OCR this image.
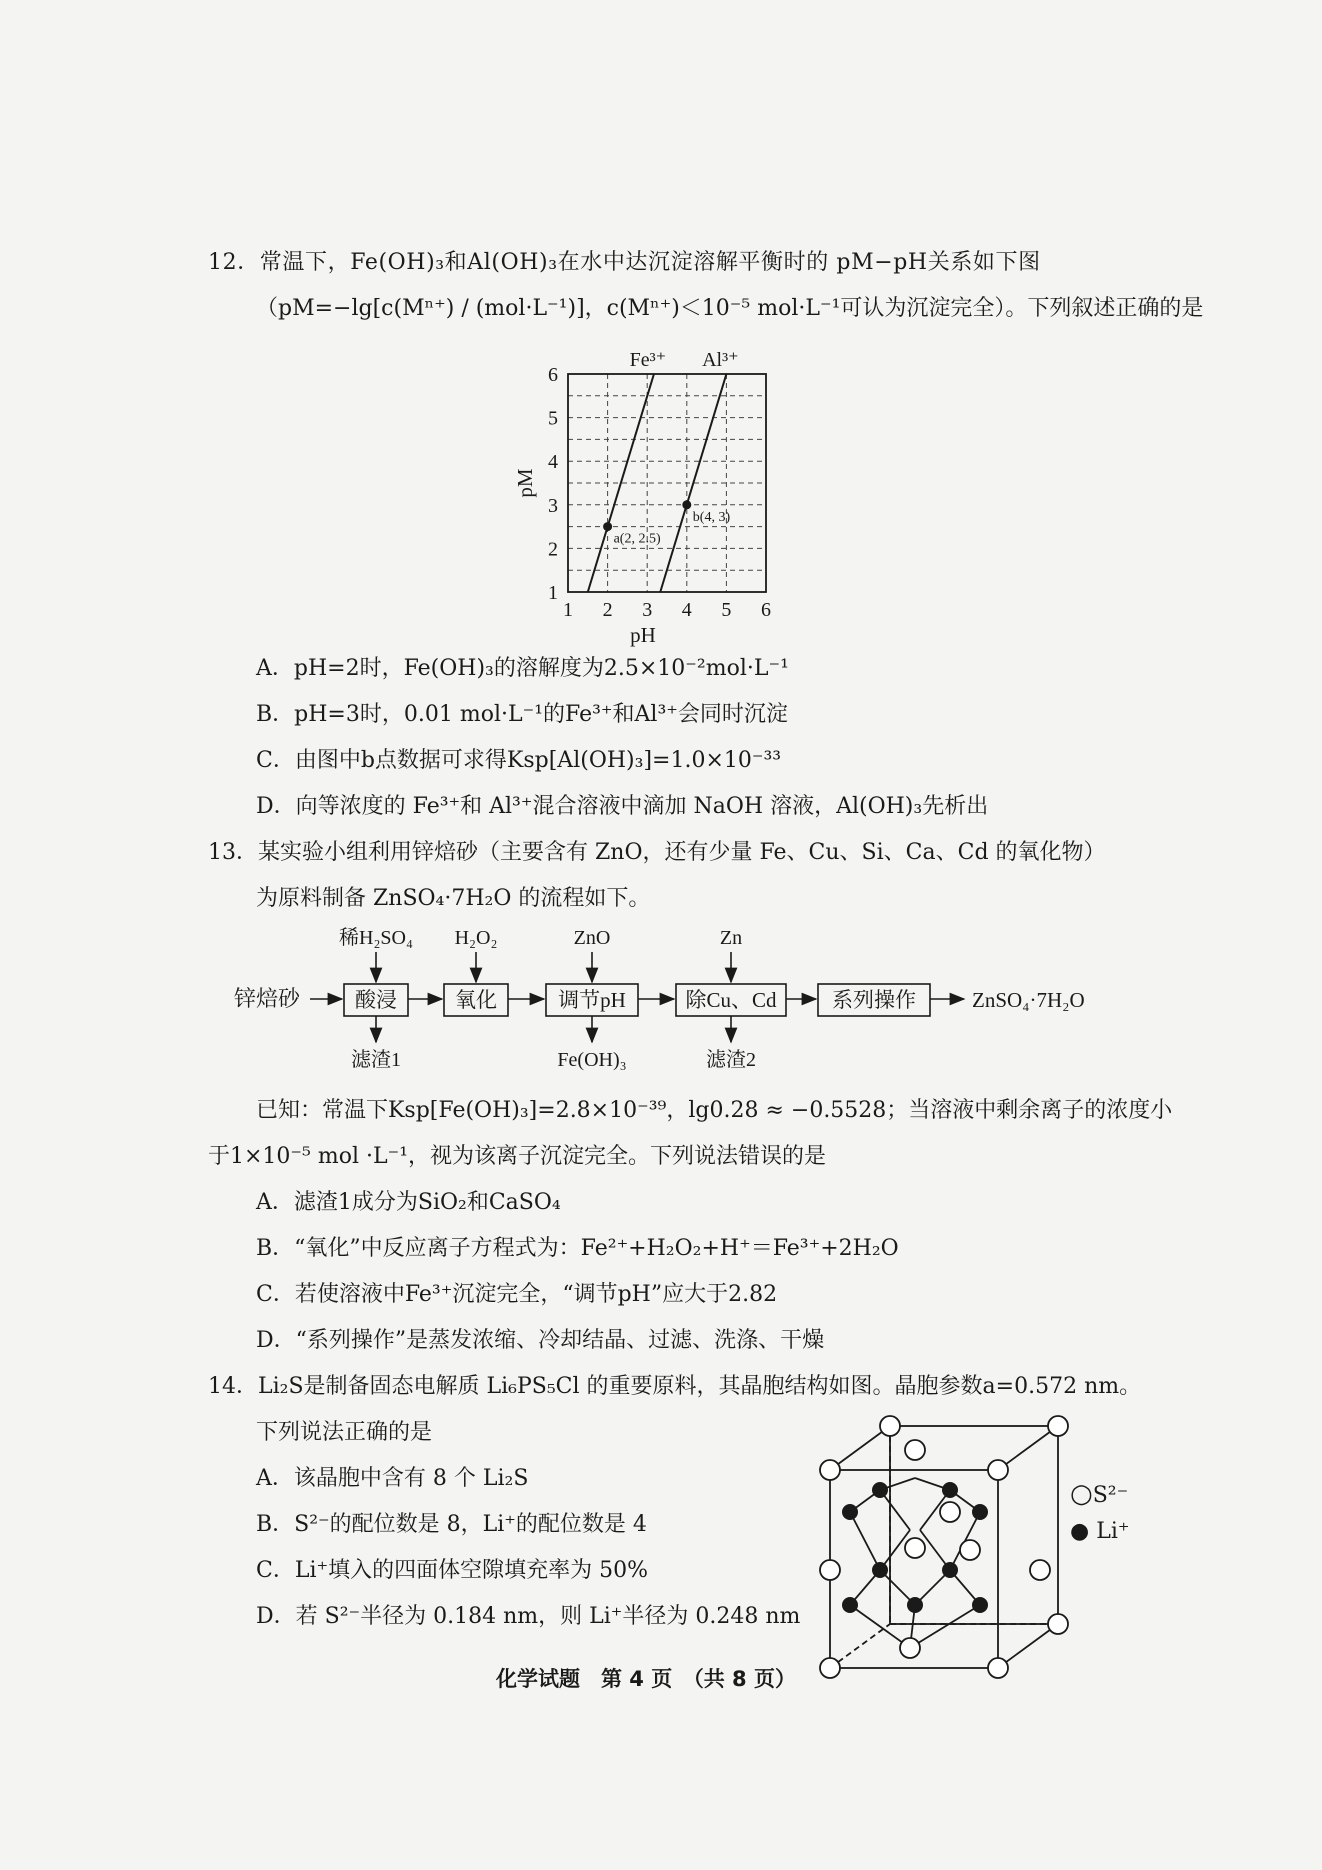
12．常温下，Fe(OH)₃和Al(OH)₃在水中达沉淀溶解平衡时的 pM−pH关系如下图
（pM=−lg[c(Mⁿ⁺) / (mol·L⁻¹)]，c(Mⁿ⁺)＜10⁻⁵ mol·L⁻¹可认为沉淀完全）。下列叙述正确的是
1 2 3 4 5 6
1
2
3
4
5
6
pH
pM
Fe³⁺ Al³⁺
a(2, 2.5)
b(4, 3)
A．pH=2时，Fe(OH)₃的溶解度为2.5×10⁻²mol·L⁻¹
B．pH=3时，0.01 mol·L⁻¹的Fe³⁺和Al³⁺会同时沉淀
C．由图中b点数据可求得Ksp[Al(OH)₃]=1.0×10⁻³³
D．向等浓度的 Fe³⁺和 Al³⁺混合溶液中滴加 NaOH 溶液，Al(OH)₃先析出
13．某实验小组利用锌焙砂（主要含有 ZnO，还有少量 Fe、Cu、Si、Ca、Cd 的氧化物）
为原料制备 ZnSO₄·7H₂O 的流程如下。
锌焙砂	酸浸	氧化	调节pH	除Cu、Cd	系列操作	ZnSO₄·7H₂O
稀H₂SO₄ H₂O₂	ZnO	Zn
滤渣1	Fe(OH)₃	滤渣2
已知：常温下Ksp[Fe(OH)₃]=2.8×10⁻³⁹，lg0.28 ≈ −0.5528；当溶液中剩余离子的浓度小
于1×10⁻⁵ mol ·L⁻¹，视为该离子沉淀完全。下列说法错误的是
A．滤渣1成分为SiO₂和CaSO₄
B．“氧化”中反应离子方程式为：Fe²⁺+H₂O₂+H⁺＝Fe³⁺+2H₂O
C．若使溶液中Fe³⁺沉淀完全，“调节pH”应大于2.82
D．“系列操作”是蒸发浓缩、冷却结晶、过滤、洗涤、干燥
14．Li₂S是制备固态电解质 Li₆PS₅Cl 的重要原料，其晶胞结构如图。晶胞参数a=0.572 nm。
下列说法正确的是
A．该晶胞中含有 8 个 Li₂S
B．S²⁻的配位数是 8，Li⁺的配位数是 4
C．Li⁺填入的四面体空隙填充率为 50%
D．若 S²⁻半径为 0.184 nm，则 Li⁺半径为 0.248 nm
○S²⁻
● Li⁺
化学试题　第 4 页　（共 8 页）
